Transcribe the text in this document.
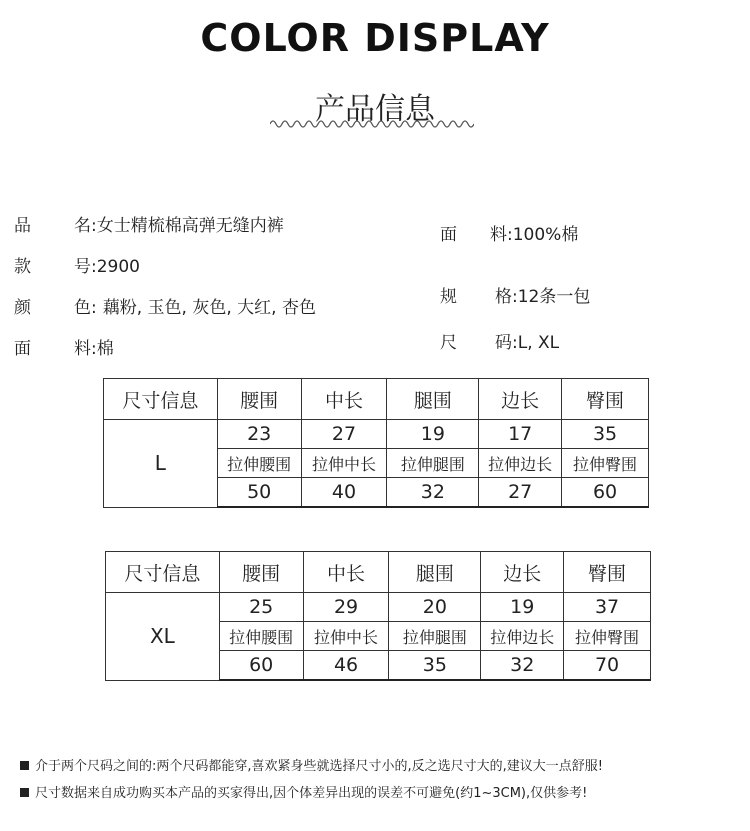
COLOR DISPLAY
产品信息
品	名:女士精梳棉高弹无缝内裤
款	号:2900
颜	色: 藕粉, 玉色, 灰色, 大红, 杏色
面	料:棉
面 料:100%棉
规 格:12条一包
尺 码:L, XL
尺寸信息	腰围	中长	腿围	边长	臀围
L	23	27	19	17	35
	拉伸腰围	拉伸中长	拉伸腿围	拉伸边长	拉伸臀围
	50	40	32	27	60
尺寸信息	腰围	中长	腿围	边长	臀围
XL	25	29	20	19	37
	拉伸腰围	拉伸中长	拉伸腿围	拉伸边长	拉伸臀围
	60	46	35	32	70
介于两个尺码之间的:两个尺码都能穿,喜欢紧身些就选择尺寸小的,反之选尺寸大的,建议大一点舒服!
尺寸数据来自成功购买本产品的买家得出,因个体差异出现的误差不可避免(约1~3CM),仅供参考!
